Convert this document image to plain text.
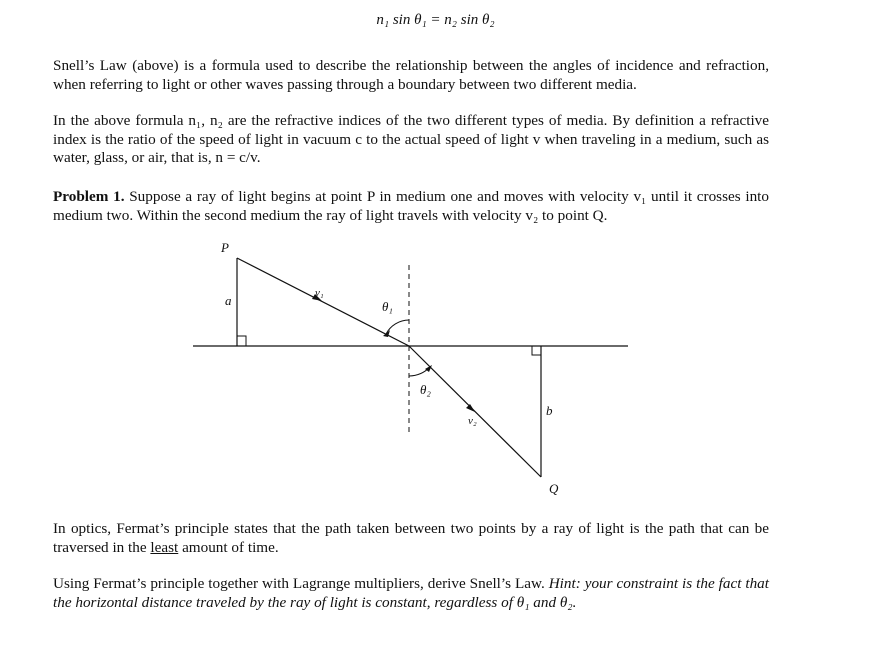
n₁ sin θ₁ = n₂ sin θ₂

Snell’s Law (above) is a formula used to describe the relationship between the angles of incidence and refraction, when referring to light or other waves passing through a boundary between two different media.

In the above formula n₁, n₂ are the refractive indices of the two different types of media. By definition a refractive index is the ratio of the speed of light in vacuum c to the actual speed of light v when traveling in a medium, such as water, glass, or air, that is, n = c/v.

Problem 1. Suppose a ray of light begins at point P in medium one and moves with velocity v₁ until it crosses into medium two. Within the second medium the ray of light travels with velocity v₂ to point Q.

P
Q
a
b
v₁
v₂
θ₁
θ₂

In optics, Fermat’s principle states that the path taken between two points by a ray of light is the path that can be traversed in the least amount of time.

Using Fermat’s principle together with Lagrange multipliers, derive Snell’s Law. Hint: your constraint is the fact that the horizontal distance traveled by the ray of light is constant, regardless of θ₁ and θ₂.
